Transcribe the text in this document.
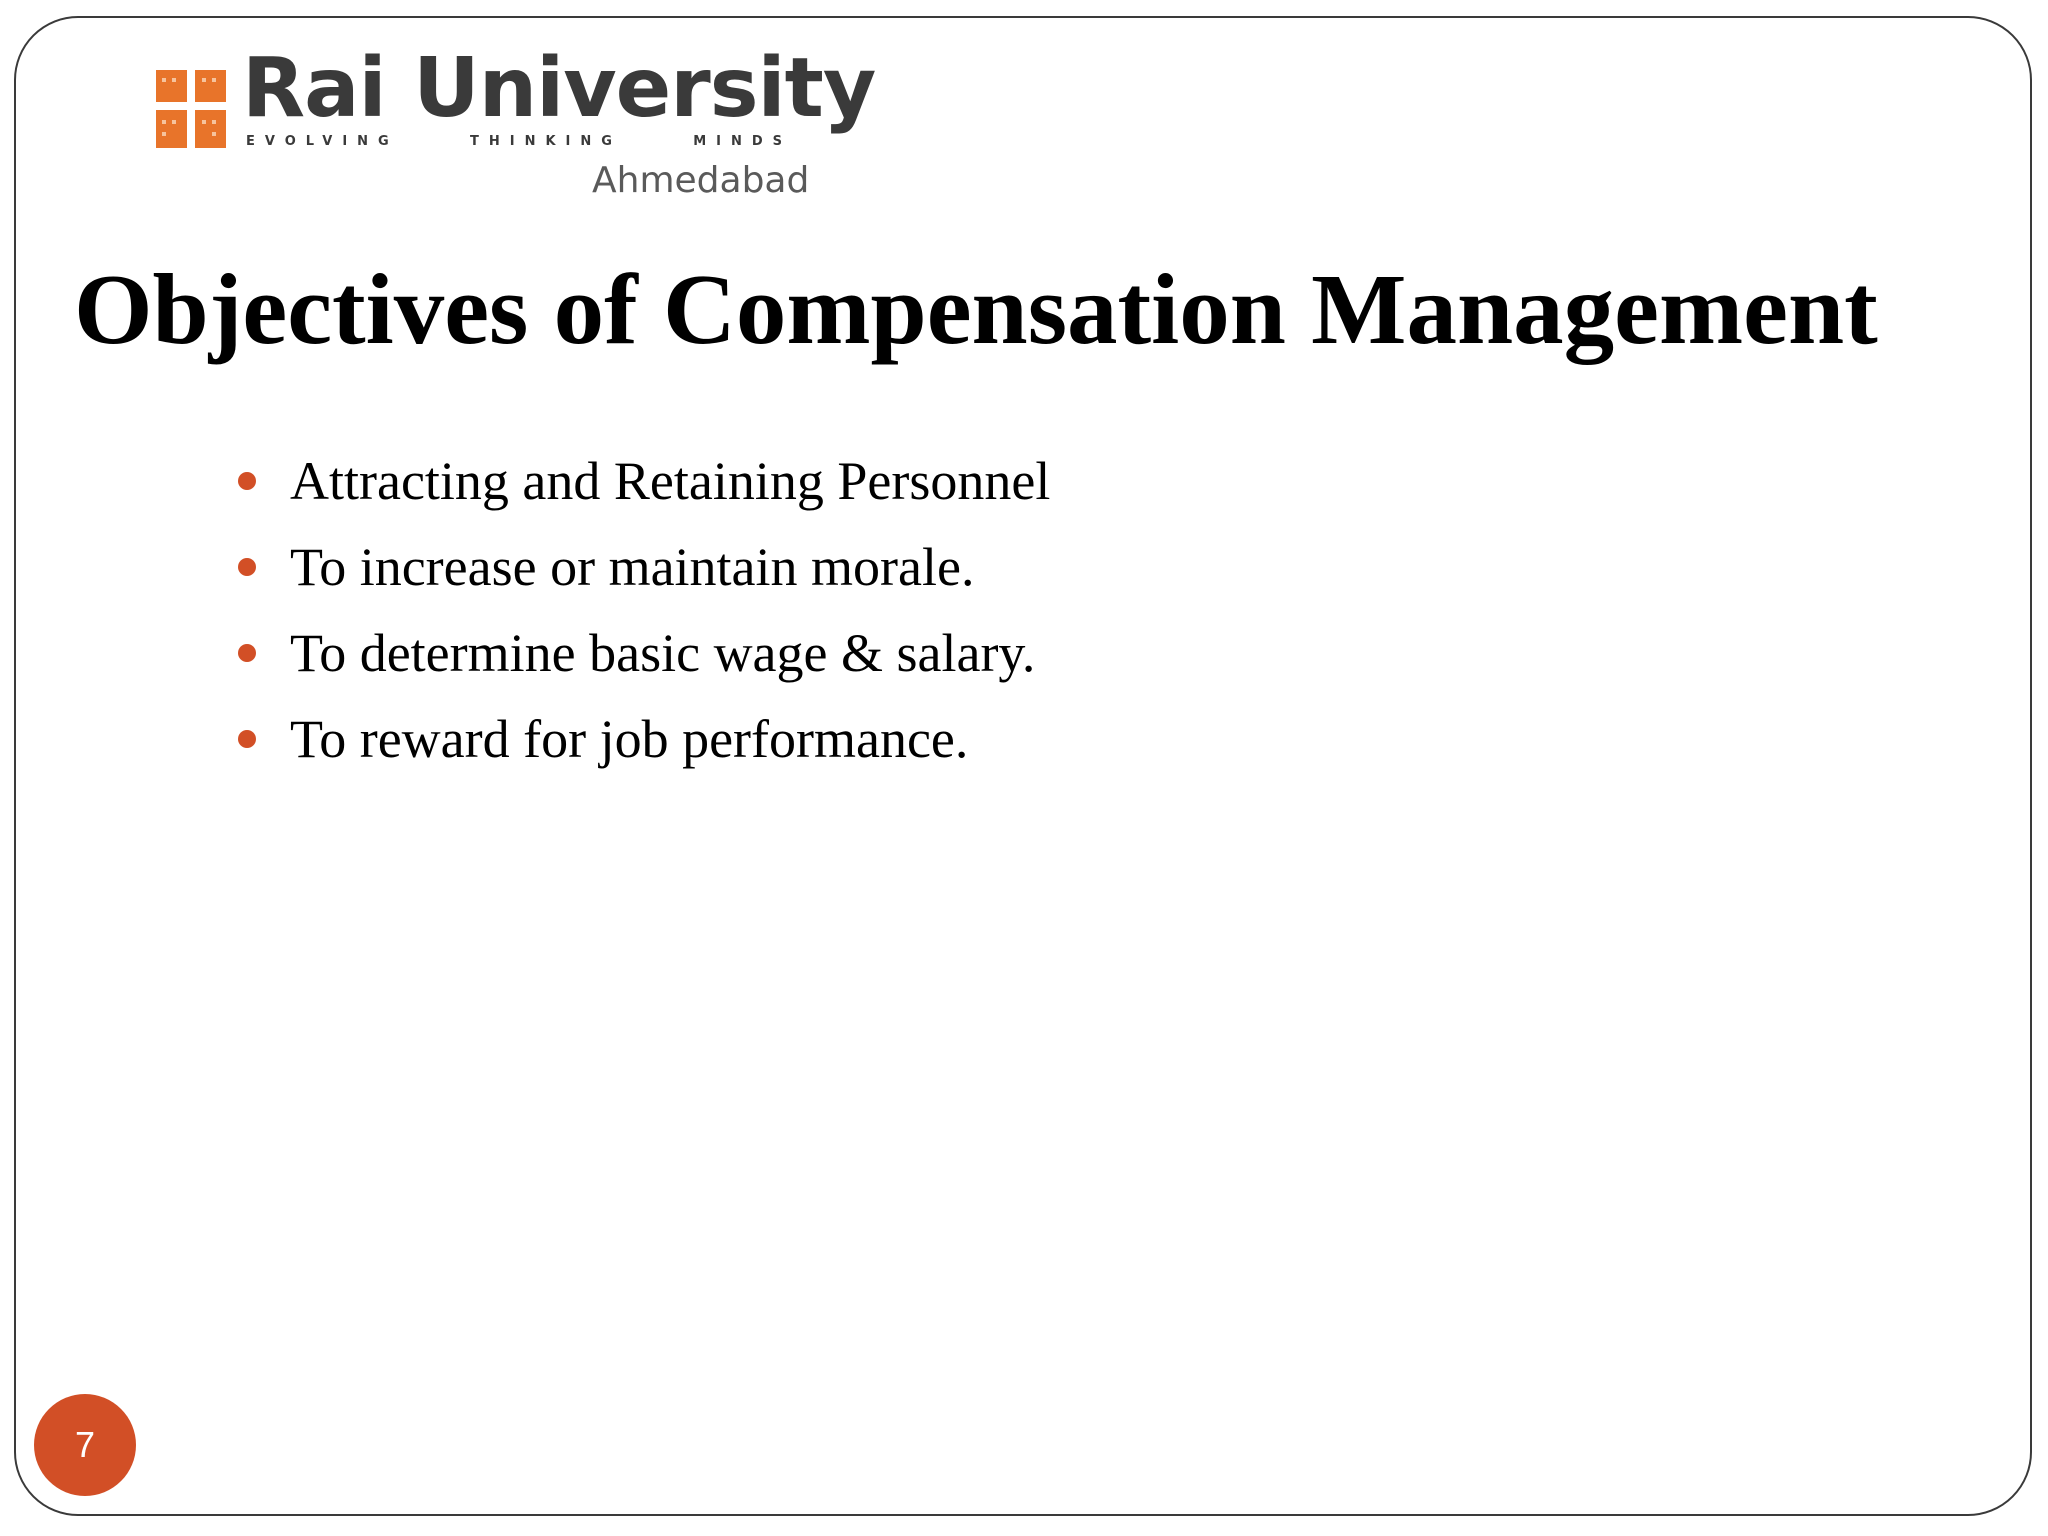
Rai University
EVOLVING	THINKING	MINDS
Ahmedabad
Objectives of Compensation Management
Attracting and Retaining Personnel
To increase or maintain morale.
To determine basic wage & salary.
To reward for job performance.
7
